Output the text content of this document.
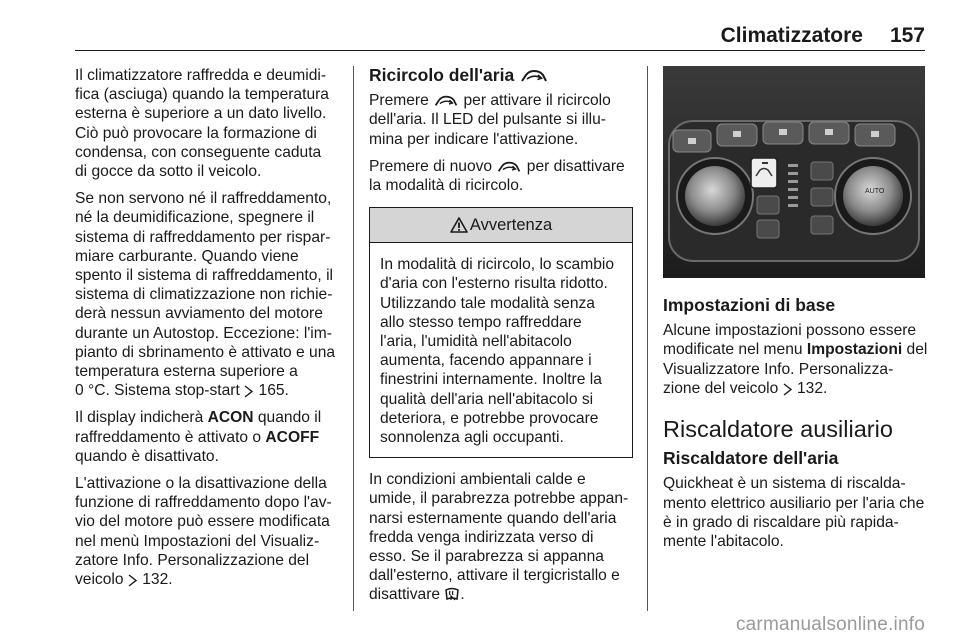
Climatizzatore 157

Il climatizzatore raffredda e deumidi-
fica (asciuga) quando la temperatura
esterna è superiore a un dato livello.
Ciò può provocare la formazione di
condensa, con conseguente caduta
di gocce da sotto il veicolo.

Se non servono né il raffreddamento,
né la deumidificazione, spegnere il
sistema di raffreddamento per rispar-
miare carburante. Quando viene
spento il sistema di raffreddamento, il
sistema di climatizzazione non richie-
derà nessun avviamento del motore
durante un Autostop. Eccezione: l'im-
pianto di sbrinamento è attivato e una
temperatura esterna superiore a
0 °C. Sistema stop-start 165.

Il display indicherà ACON quando il
raffreddamento è attivato o ACOFF
quando è disattivato.

L'attivazione o la disattivazione della
funzione di raffreddamento dopo l'av-
vio del motore può essere modificata
nel menù Impostazioni del Visualiz-
zatore Info. Personalizzazione del
veicolo 132.

Ricircolo dell'aria

Premere per attivare il ricircolo
dell'aria. Il LED del pulsante si illu-
mina per indicare l'attivazione.

Premere di nuovo per disattivare
la modalità di ricircolo.

Avvertenza
In modalità di ricircolo, lo scambio
d'aria con l'esterno risulta ridotto.
Utilizzando tale modalità senza
allo stesso tempo raffreddare
l'aria, l'umidità nell'abitacolo
aumenta, facendo appannare i
finestrini internamente. Inoltre la
qualità dell'aria nell'abitacolo si
deteriora, e potrebbe provocare
sonnolenza agli occupanti.

In condizioni ambientali calde e
umide, il parabrezza potrebbe appan-
narsi esternamente quando dell'aria
fredda venga indirizzata verso di
esso. Se il parabrezza si appanna
dall'esterno, attivare il tergicristallo e
disattivare .

AUTO
Impostazioni di base

Alcune impostazioni possono essere
modificate nel menu Impostazioni del
Visualizzatore Info. Personalizza-
zione del veicolo 132.

Riscaldatore ausiliario
Riscaldatore dell'aria

Quickheat è un sistema di riscalda-
mento elettrico ausiliario per l'aria che
è in grado di riscaldare più rapida-
mente l'abitacolo.

carmanualsonline.info
